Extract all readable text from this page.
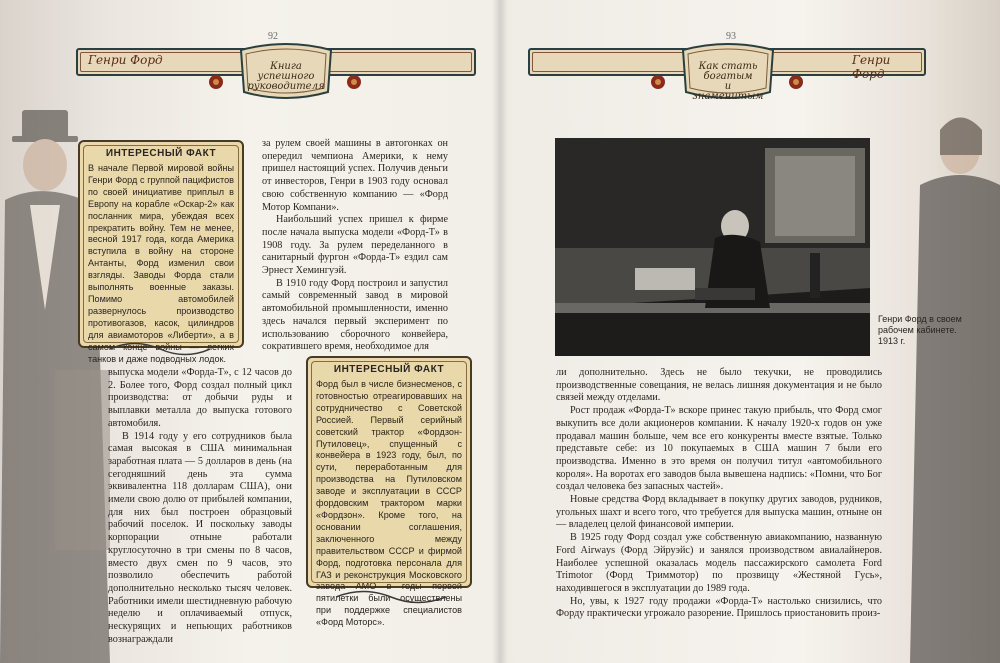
92
Генри Форд	Книга
успешного
руководителя
ИНТЕРЕСНЫЙ ФАКТ
В начале Первой мировой войны Генри Форд с группой пацифистов по своей инициативе приплыл в Европу на корабле «Оскар-2» как посланник мира, убеждая всех прекратить войну. Тем не менее, весной 1917 года, когда Америка вступила в войну на стороне Антанты, Форд изменил свои взгляды. Заводы Форда стали выполнять военные заказы. Помимо автомобилей развернулось производство противогазов, касок, цилиндров для авиамоторов «Либерти», а в самом конце войны — легких танков и даже подводных лодок.

за рулем своей машины в автогонках он опередил чемпиона Америки, к нему пришел настоящий успех. Получив деньги от инвесторов, Генри в 1903 году основал свою собственную компанию — «Форд Мотор Компани».

Наибольший успех пришел к фирме после начала выпуска модели «Форд-Т» в 1908 году. За рулем переделанного в санитарный фургон «Форда-Т» ездил сам Эрнест Хемингуэй.

В 1910 году Форд построил и запустил самый современный завод в мировой автомобильной промышленности, именно здесь начался первый эксперимент по использованию сборочного конвейера, сократившего время, необходимое для

выпуска модели «Форда-Т», с 12 часов до 2. Более того, Форд создал полный цикл производства: от добычи руды и выплавки металла до выпуска готового автомобиля.

В 1914 году у его сотрудников была самая высокая в США минимальная заработная плата — 5 долларов в день (на сегодняшний день эта сумма эквивалентна 118 долларам США), они имели свою долю от прибылей компании, для них был построен образцовый рабочий поселок. И поскольку заводы корпорации отныне работали круглосуточно в три смены по 8 часов, вместо двух смен по 9 часов, это позволило обеспечить работой дополнительно несколько тысяч человек. Работники имели шестидневную рабочую неделю и оплачиваемый отпуск, нескурящих и непьющих работников вознаграждали

ИНТЕРЕСНЫЙ ФАКТ
Форд был в числе бизнесменов, с готовностью отреагировавших на сотрудничество с Советской Россией. Первый серийный советский трактор «Фордзон-Путиловец», спущенный с конвейера в 1923 году, был, по сути, переработанным для производства на Путиловском заводе и эксплуатации в СССР фордовским трактором марки «Фордзон». Кроме того, на основании соглашения, заключенного между правительством СССР и фирмой Форд, подготовка персонала для ГАЗ и реконструкция Московского завода АМО в годы первой пятилетки были осуществлены при поддержке специалистов «Форд Моторс».
93
Как стать
богатым
и знаменитым
Генри Форд

ли дополнительно. Здесь не было текучки, не проводились производственные совещания, не велась лишняя документация и не было связей между отделами.

Рост продаж «Форда-Т» вскоре принес такую прибыль, что Форд смог выкупить все доли акционеров компании. К началу 1920-х годов он уже продавал машин больше, чем все его конкуренты вместе взятые. Только представьте себе: из 10 покупаемых в США машин 7 были его производства. Именно в это время он получил титул «автомобильного короля». На воротах его заводов была вывешена надпись: «Помни, что Бог создал человека без запасных частей».

Новые средства Форд вкладывает в покупку других заводов, рудников, угольных шахт и всего того, что требуется для выпуска машин, отныне он — владелец целой финансовой империи.

В 1925 году Форд создал уже собственную авиакомпанию, названную Ford Airways (Форд Эйруэйс) и занялся производством авиалайнеров. Наиболее успешной оказалась модель пассажирского самолета Ford Trimotor (Форд Триммотор) по прозвищу «Жестяной Гусь», находившегося в эксплуатации до 1989 года.

Но, увы, к 1927 году продажи «Форда-Т» настолько снизились, что Форду практически угрожало разорение. Пришлось приостановить произ-

Генри Форд в своем рабочем кабинете. 1913 г.
